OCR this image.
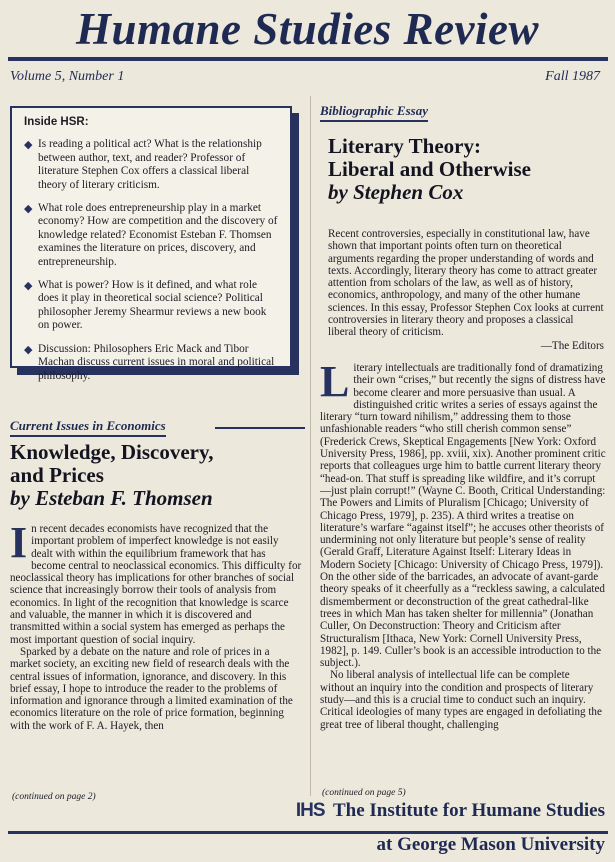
Humane Studies Review
Volume 5, Number 1	Fall 1987
Inside HSR:
◆ Is reading a political act? What is the relationship between author, text, and reader? Professor of literature Stephen Cox offers a classical liberal theory of literary criticism.
◆ What role does entrepreneurship play in a market economy? How are competition and the discovery of knowledge related? Economist Esteban F. Thomsen examines the literature on prices, discovery, and entrepreneurship.
◆ What is power? How is it defined, and what role does it play in theoretical social science? Political philosopher Jeremy Shearmur reviews a new book on power.
◆ Discussion: Philosophers Eric Mack and Tibor Machan discuss current issues in moral and political philosophy.
Current Issues in Economics
Knowledge, Discovery,
and Prices
by Esteban F. Thomsen

In recent decades economists have recognized that the important problem of imperfect knowledge is not easily dealt with within the equilibrium framework that has become central to neoclassical economics. This difficulty for neoclassical theory has implications for other branches of social science that increasingly borrow their tools of analysis from economics. In light of the recognition that knowledge is scarce and valuable, the manner in which it is discovered and transmitted within a social system has emerged as perhaps the most important question of social inquiry.

Sparked by a debate on the nature and role of prices in a market society, an exciting new field of research deals with the central issues of information, ignorance, and discovery. In this brief essay, I hope to introduce the reader to the problems of information and ignorance through a limited examination of the economics literature on the role of price formation, beginning with the work of F. A. Hayek, then

(continued on page 2)
Bibliographic Essay
Literary Theory:
Liberal and Otherwise
by Stephen Cox

Recent controversies, especially in constitutional law, have shown that important points often turn on theoretical arguments regarding the proper understanding of words and texts. Accordingly, literary theory has come to attract greater attention from scholars of the law, as well as of history, economics, anthropology, and many of the other humane sciences. In this essay, Professor Stephen Cox looks at current controversies in literary theory and proposes a classical liberal theory of criticism.

—The Editors

Literary intellectuals are traditionally fond of dramatizing their own “crises,” but recently the signs of distress have become clearer and more persuasive than usual. A distinguished critic writes a series of essays against the literary “turn toward nihilism,” addressing them to those unfashionable readers “who still cherish common sense” (Frederick Crews, Skeptical Engagements [New York: Oxford University Press, 1986], pp. xviii, xix). Another prominent critic reports that colleagues urge him to battle current literary theory “head-on. That stuff is spreading like wildfire, and it’s corrupt—just plain corrupt!” (Wayne C. Booth, Critical Understanding: The Powers and Limits of Pluralism [Chicago; University of Chicago Press, 1979], p. 235). A third writes a treatise on literature’s warfare “against itself”; he accuses other theorists of undermining not only literature but people’s sense of reality (Gerald Graff, Literature Against Itself: Literary Ideas in Modern Society [Chicago: University of Chicago Press, 1979]). On the other side of the barricades, an advocate of avant-garde theory speaks of it cheerfully as a “reckless sawing, a calculated dismemberment or deconstruction of the great cathedral-like trees in which Man has taken shelter for millennia” (Jonathan Culler, On Deconstruction: Theory and Criticism after Structuralism [Ithaca, New York: Cornell University Press, 1982], p. 149. Culler’s book is an accessible introduction to the subject.).

No liberal analysis of intellectual life can be complete without an inquiry into the condition and prospects of literary study—and this is a crucial time to conduct such an inquiry. Critical ideologies of many types are engaged in defoliating the great tree of liberal thought, challenging

(continued on page 5)
IHS The Institute for Humane Studies
at George Mason University
